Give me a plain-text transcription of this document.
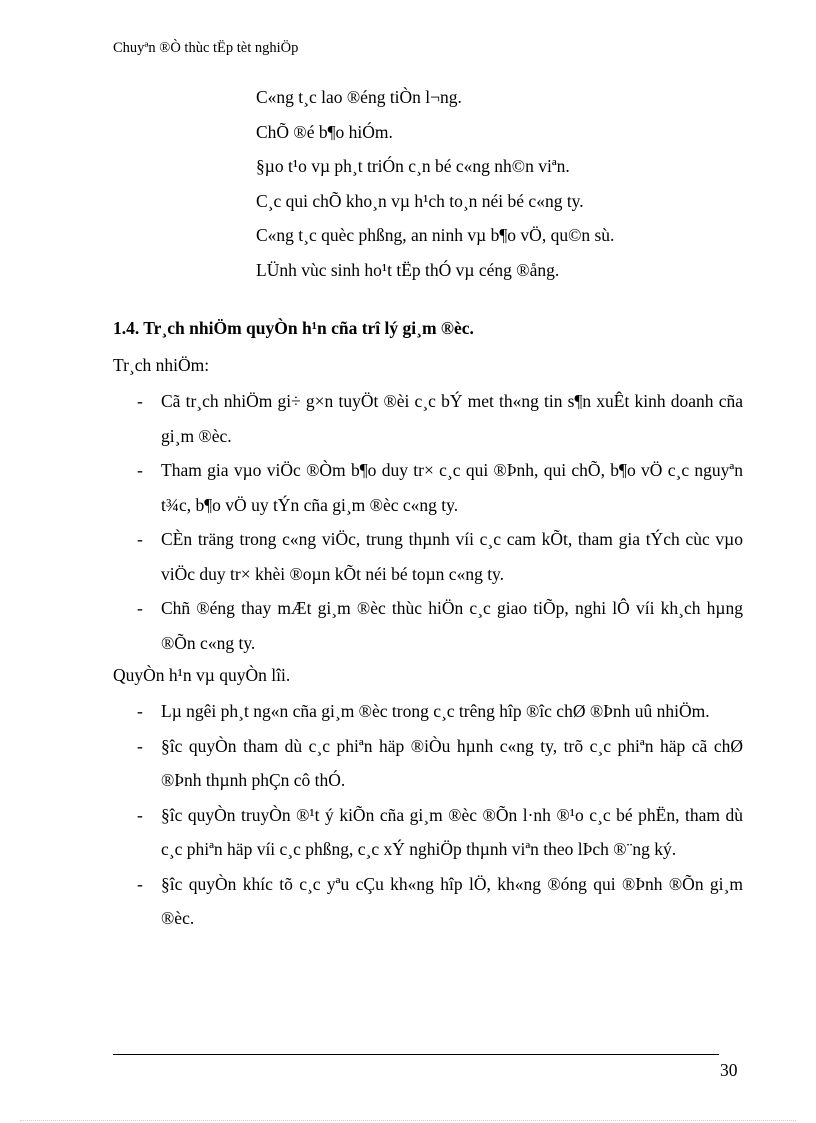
Chuyªn ®Ò thùc tËp tèt nghiÖp
C«ng t¸c lao ®éng tiÒn l¬ng.
ChÕ ®é b¶o hiÓm.
§µo t¹o vµ ph¸t triÓn c¸n bé c«ng nh©n viªn.
C¸c qui chÕ kho¸n vµ h¹ch to¸n néi bé c«ng ty.
C«ng t¸c quèc phßng, an ninh vµ b¶o vÖ, qu©n sù.
LÜnh vùc sinh ho¹t tËp thÓ vµ céng ®ång.
1.4. Tr¸ch nhiÖm quyÒn h¹n cña trî lý gi¸m ®èc.
Tr¸ch nhiÖm:
- Cã tr¸ch nhiÖm gi÷ g×n tuyÖt ®èi c¸c bÝ met th«ng tin s¶n xuÊt kinh doanh cña gi¸m ®èc.
- Tham gia vµo viÖc ®Òm b¶o duy tr× c¸c qui ®Þnh, qui chÕ, b¶o vÖ c¸c nguyªn t¾c, b¶o vÖ uy tÝn cña gi¸m ®èc c«ng ty.
- CÈn träng trong c«ng viÖc, trung thµnh víi c¸c cam kÕt, tham gia tÝch cùc vµo viÖc duy tr× khèi ®oµn kÕt néi bé toµn c«ng ty.
- Chñ ®éng thay mÆt gi¸m ®èc thùc hiÖn c¸c giao tiÕp, nghi lÔ víi kh¸ch hµng ®Õn c«ng ty.
QuyÒn h¹n vµ quyÒn lîi.
- Lµ ngêi ph¸t ng«n cña gi¸m ®èc trong c¸c trêng hîp ®îc chØ ®Þnh uû nhiÖm.
- §îc quyÒn tham dù c¸c phiªn häp ®iÒu hµnh c«ng ty, trõ c¸c phiªn häp cã chØ ®Þnh thµnh phÇn cô thÓ.
- §îc quyÒn truyÒn ®¹t ý kiÕn cña gi¸m ®èc ®Õn l·nh ®¹o c¸c bé phËn, tham dù c¸c phiªn häp víi c¸c phßng, c¸c xÝ nghiÖp thµnh viªn theo lÞch ®¨ng ký.
- §îc quyÒn khíc tõ c¸c yªu cÇu kh«ng hîp lÖ, kh«ng ®óng qui ®Þnh ®Õn gi¸m ®èc.
30
